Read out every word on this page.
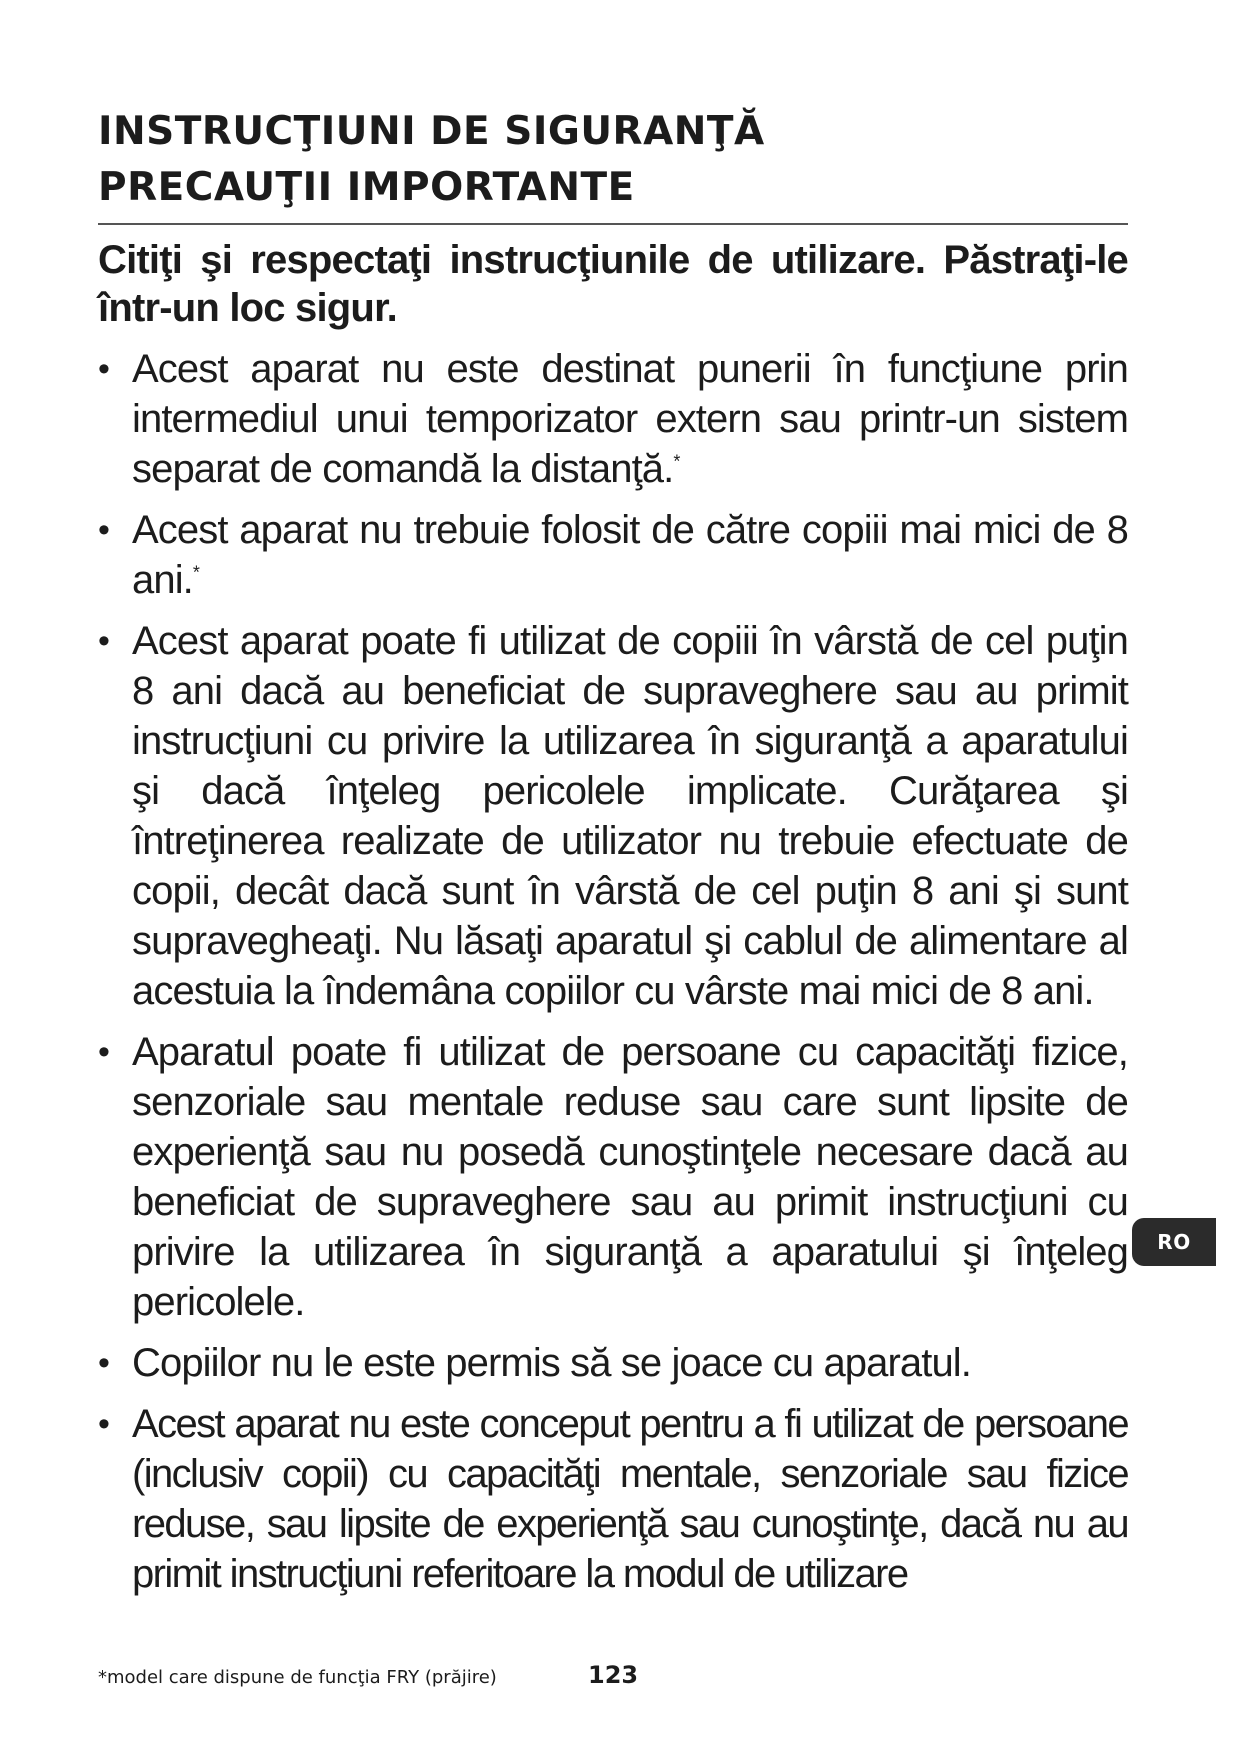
INSTRUCŢIUNI DE SIGURANŢĂ
PRECAUŢII IMPORTANTE
Citiţi şi respectaţi instrucţiunile de utilizare. Păstraţi-le într-un loc sigur.
• Acest aparat nu este destinat punerii în funcţiune prin intermediul unui temporizator extern sau printr-un sistem separat de comandă la distanţă.*
• Acest aparat nu trebuie folosit de către copiii mai mici de 8 ani.*
• Acest aparat poate fi utilizat de copiii în vârstă de cel puţin 8 ani dacă au beneficiat de supraveghere sau au primit instrucţiuni cu privire la utilizarea în siguranţă a aparatului şi dacă înţeleg pericolele implicate. Curăţarea şi întreţinerea realizate de utilizator nu trebuie efectuate de copii, decât dacă sunt în vârstă de cel puţin 8 ani şi sunt supravegheaţi. Nu lăsaţi aparatul şi cablul de alimentare al acestuia la îndemâna copiilor cu vârste mai mici de 8 ani.
• Aparatul poate fi utilizat de persoane cu capacităţi fizice, senzoriale sau mentale reduse sau care sunt lipsite de experienţă sau nu posedă cunoştinţele necesare dacă au beneficiat de supraveghere sau au primit instrucţiuni cu privire la utilizarea în siguranţă a aparatului şi înţeleg pericolele.
• Copiilor nu le este permis să se joace cu aparatul.
• Acest aparat nu este conceput pentru a fi utilizat de persoane (inclusiv copii) cu capacităţi mentale, senzoriale sau fizice reduse, sau lipsite de experienţă sau cunoştinţe, dacă nu au primit instrucţiuni referitoare la modul de utilizare
RO
*model care dispune de funcţia FRY (prăjire)	123
